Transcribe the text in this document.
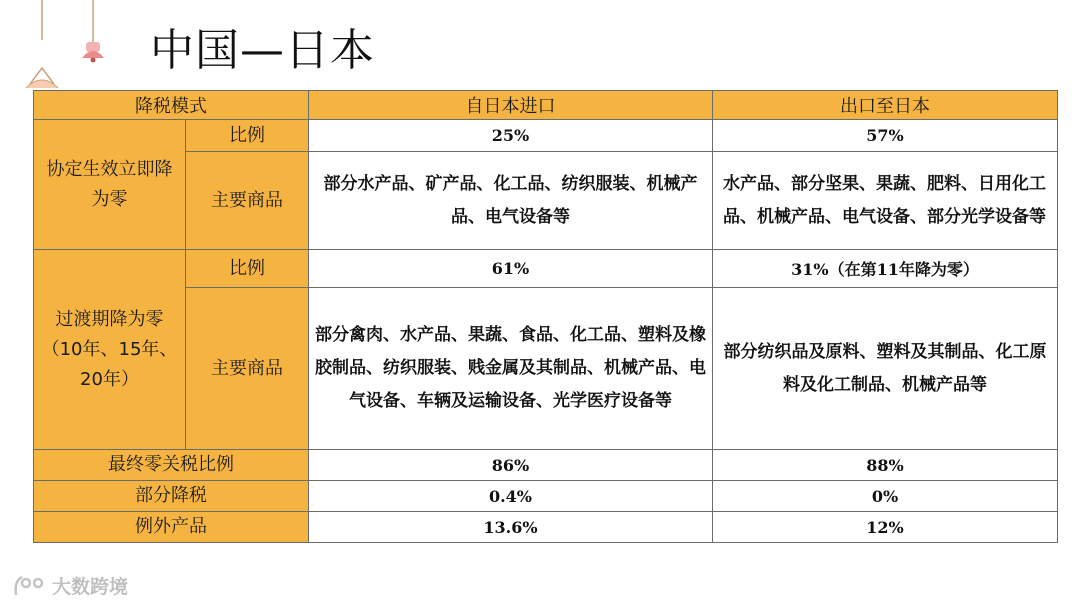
中国—日本
降税模式		自日本进口	出口至日本
协定生效立即降为零	比例	25%	57%
	主要商品	部分水产品、矿产品、化工品、纺织服装、机械产品、电气设备等	水产品、部分坚果、果蔬、肥料、日用化工品、机械产品、电气设备、部分光学设备等
过渡期降为零（10年、15年、20年）	比例	61%	31%（在第11年降为零）
	主要商品	部分禽肉、水产品、果蔬、食品、化工品、塑料及橡胶制品、纺织服装、贱金属及其制品、机械产品、电气设备、车辆及运输设备、光学医疗设备等	部分纺织品及原料、塑料及其制品、化工原料及化工制品、机械产品等
最终零关税比例		86%	88%
部分降税		0.4%	0%
例外产品		13.6%	12%
大数跨境
